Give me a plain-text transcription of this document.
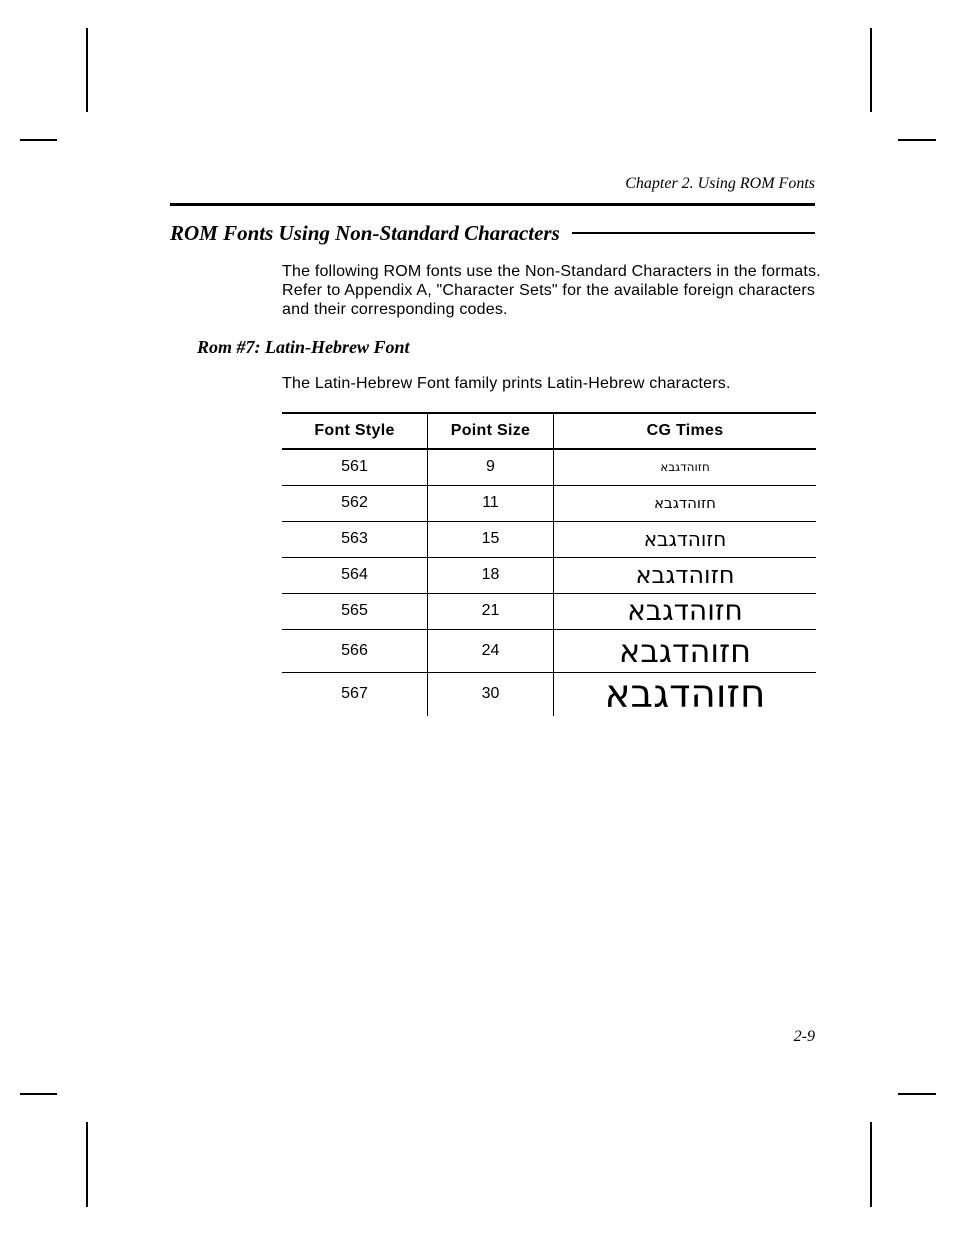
Chapter 2. Using ROM Fonts
ROM Fonts Using Non-Standard Characters

The following ROM fonts use the Non-Standard Characters in the formats. Refer to Appendix A, "Character Sets" for the available foreign characters and their corresponding codes.

Rom #7: Latin-Hebrew Font

The Latin-Hebrew Font family prints Latin-Hebrew characters.

Font Style	Point Size	CG Times
561	9	חזוהדגבא
562	11	חזוהדגבא
563	15	חזוהדגבא
564	18	חזוהדגבא
565	21	חזוהדגבא
566	24	חזוהדגבא
567	30	חזוהדגבא
2-9
